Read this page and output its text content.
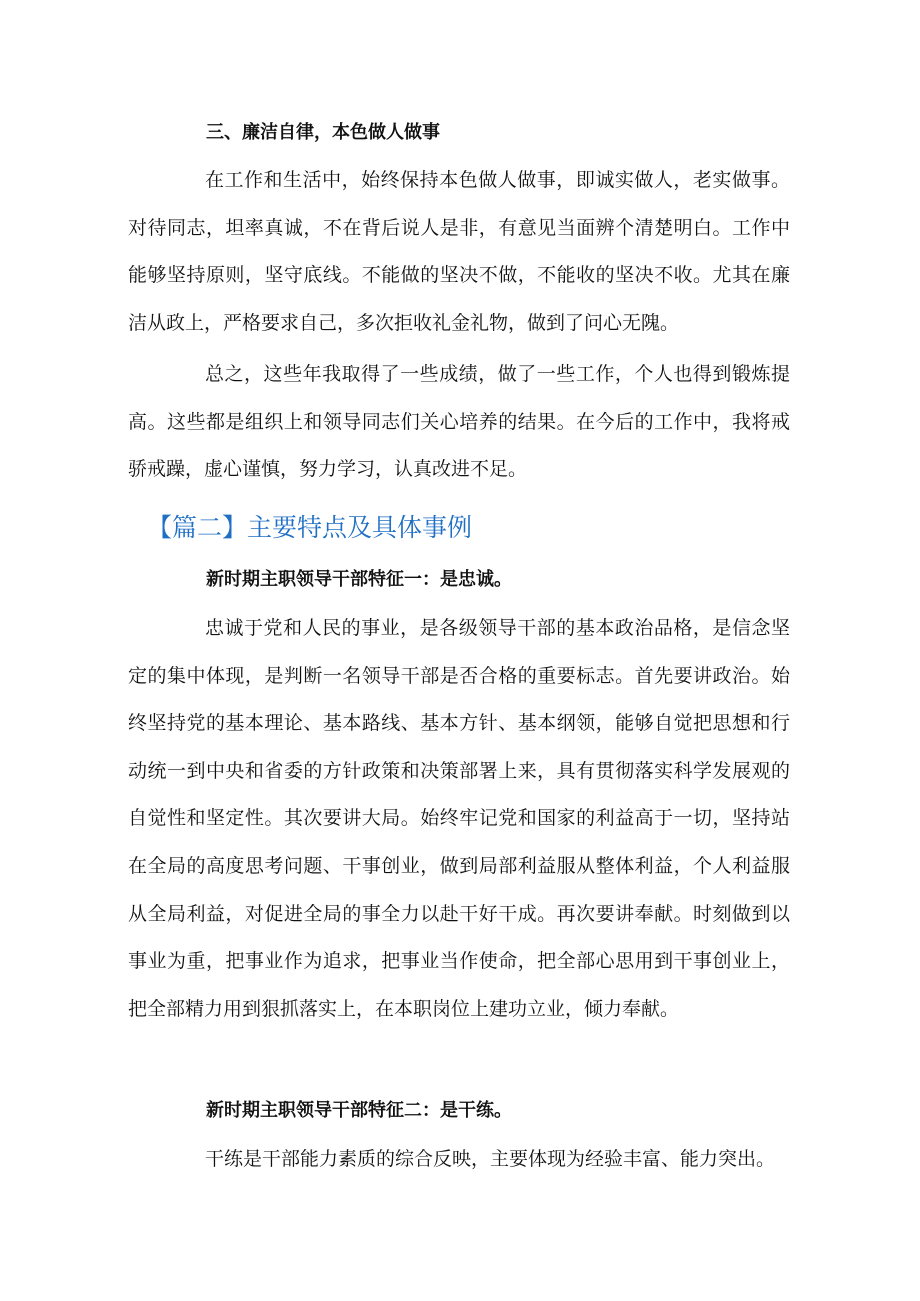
三、廉洁自律，本色做人做事
在工作和生活中，始终保持本色做人做事，即诚实做人，老实做事。对待同志，坦率真诚，不在背后说人是非，有意见当面辨个清楚明白。工作中能够坚持原则，坚守底线。不能做的坚决不做，不能收的坚决不收。尤其在廉洁从政上，严格要求自己，多次拒收礼金礼物，做到了问心无隗。
总之，这些年我取得了一些成绩，做了一些工作，个人也得到锻炼提高。这些都是组织上和领导同志们关心培养的结果。在今后的工作中，我将戒骄戒躁，虚心谨慎，努力学习，认真改进不足。
【篇二】主要特点及具体事例
新时期主职领导干部特征一：是忠诚。
忠诚于党和人民的事业，是各级领导干部的基本政治品格，是信念坚定的集中体现，是判断一名领导干部是否合格的重要标志。首先要讲政治。始终坚持党的基本理论、基本路线、基本方针、基本纲领，能够自觉把思想和行动统一到中央和省委的方针政策和决策部署上来，具有贯彻落实科学发展观的自觉性和坚定性。其次要讲大局。始终牢记党和国家的利益高于一切，坚持站在全局的高度思考问题、干事创业，做到局部利益服从整体利益，个人利益服从全局利益，对促进全局的事全力以赴干好干成。再次要讲奉献。时刻做到以事业为重，把事业作为追求，把事业当作使命，把全部心思用到干事创业上，把全部精力用到狠抓落实上，在本职岗位上建功立业，倾力奉献。
新时期主职领导干部特征二：是干练。
干练是干部能力素质的综合反映，主要体现为经验丰富、能力突出。
